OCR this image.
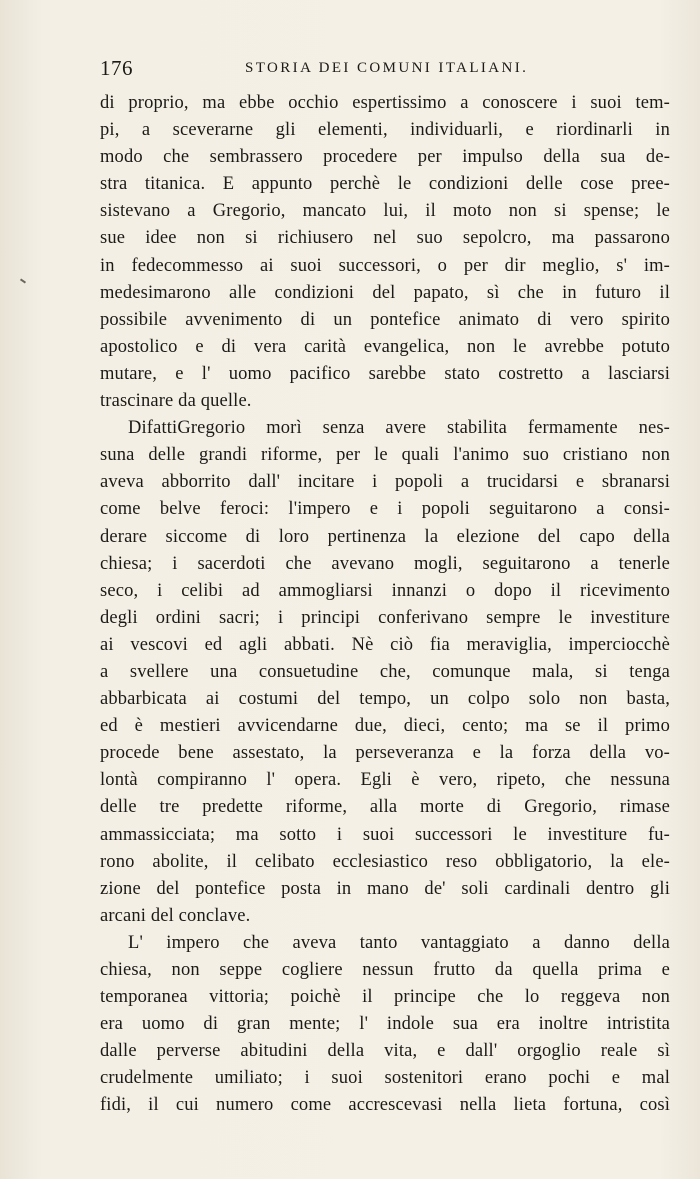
176	STORIA DEI COMUNI ITALIANI.
di proprio, ma ebbe occhio espertissimo a conoscere i suoi tem-
pi, a sceverarne gli elementi, individuarli, e riordinarli in
modo che sembrassero procedere per impulso della sua de-
stra titanica. E appunto perchè le condizioni delle cose pree-
sistevano a Gregorio, mancato lui, il moto non si spense; le
sue idee non si richiusero nel suo sepolcro, ma passarono
in fedecommesso ai suoi successori, o per dir meglio, s' im-
medesimarono alle condizioni del papato, sì che in futuro il
possibile avvenimento di un pontefice animato di vero spirito
apostolico e di vera carità evangelica, non le avrebbe potuto
mutare, e l' uomo pacifico sarebbe stato costretto a lasciarsi
trascinare da quelle.
DifattiGregorio morì senza avere stabilita fermamente nes-
suna delle grandi riforme, per le quali l'animo suo cristiano non
aveva abborrito dall' incitare i popoli a trucidarsi e sbranarsi
come belve feroci: l'impero e i popoli seguitarono a consi-
derare siccome di loro pertinenza la elezione del capo della
chiesa; i sacerdoti che avevano mogli, seguitarono a tenerle
seco, i celibi ad ammogliarsi innanzi o dopo il ricevimento
degli ordini sacri; i principi conferivano sempre le investiture
ai vescovi ed agli abbati. Nè ciò fia meraviglia, imperciocchè
a svellere una consuetudine che, comunque mala, si tenga
abbarbicata ai costumi del tempo, un colpo solo non basta,
ed è mestieri avvicendarne due, dieci, cento; ma se il primo
procede bene assestato, la perseveranza e la forza della vo-
lontà compiranno l' opera. Egli è vero, ripeto, che nessuna
delle tre predette riforme, alla morte di Gregorio, rimase
ammassicciata; ma sotto i suoi successori le investiture fu-
rono abolite, il celibato ecclesiastico reso obbligatorio, la ele-
zione del pontefice posta in mano de' soli cardinali dentro gli
arcani del conclave.
L' impero che aveva tanto vantaggiato a danno della
chiesa, non seppe cogliere nessun frutto da quella prima e
temporanea vittoria; poichè il principe che lo reggeva non
era uomo di gran mente; l' indole sua era inoltre intristita
dalle perverse abitudini della vita, e dall' orgoglio reale sì
crudelmente umiliato; i suoi sostenitori erano pochi e mal
fidi, il cui numero come accrescevasi nella lieta fortuna, così
